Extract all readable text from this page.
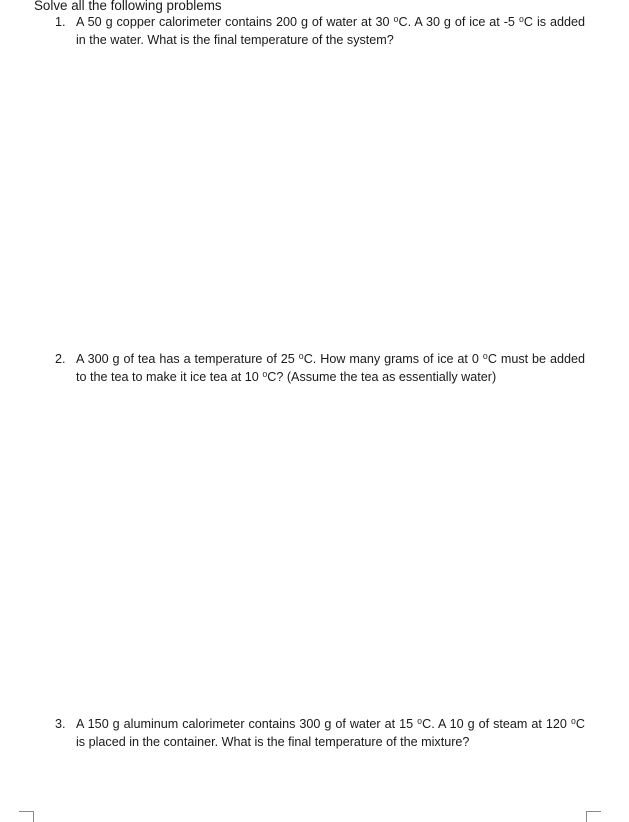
Solve all the following problems
1. A 50 g copper calorimeter contains 200 g of water at 30 ⁰C. A 30 g of ice at -5 ⁰C is added in the water. What is the final temperature of the system?
2. A 300 g of tea has a temperature of 25 ⁰C. How many grams of ice at 0 ⁰C must be added to the tea to make it ice tea at 10 ⁰C? (Assume the tea as essentially water)
3. A 150 g aluminum calorimeter contains 300 g of water at 15 ⁰C. A 10 g of steam at 120 ⁰C is placed in the container. What is the final temperature of the mixture?
